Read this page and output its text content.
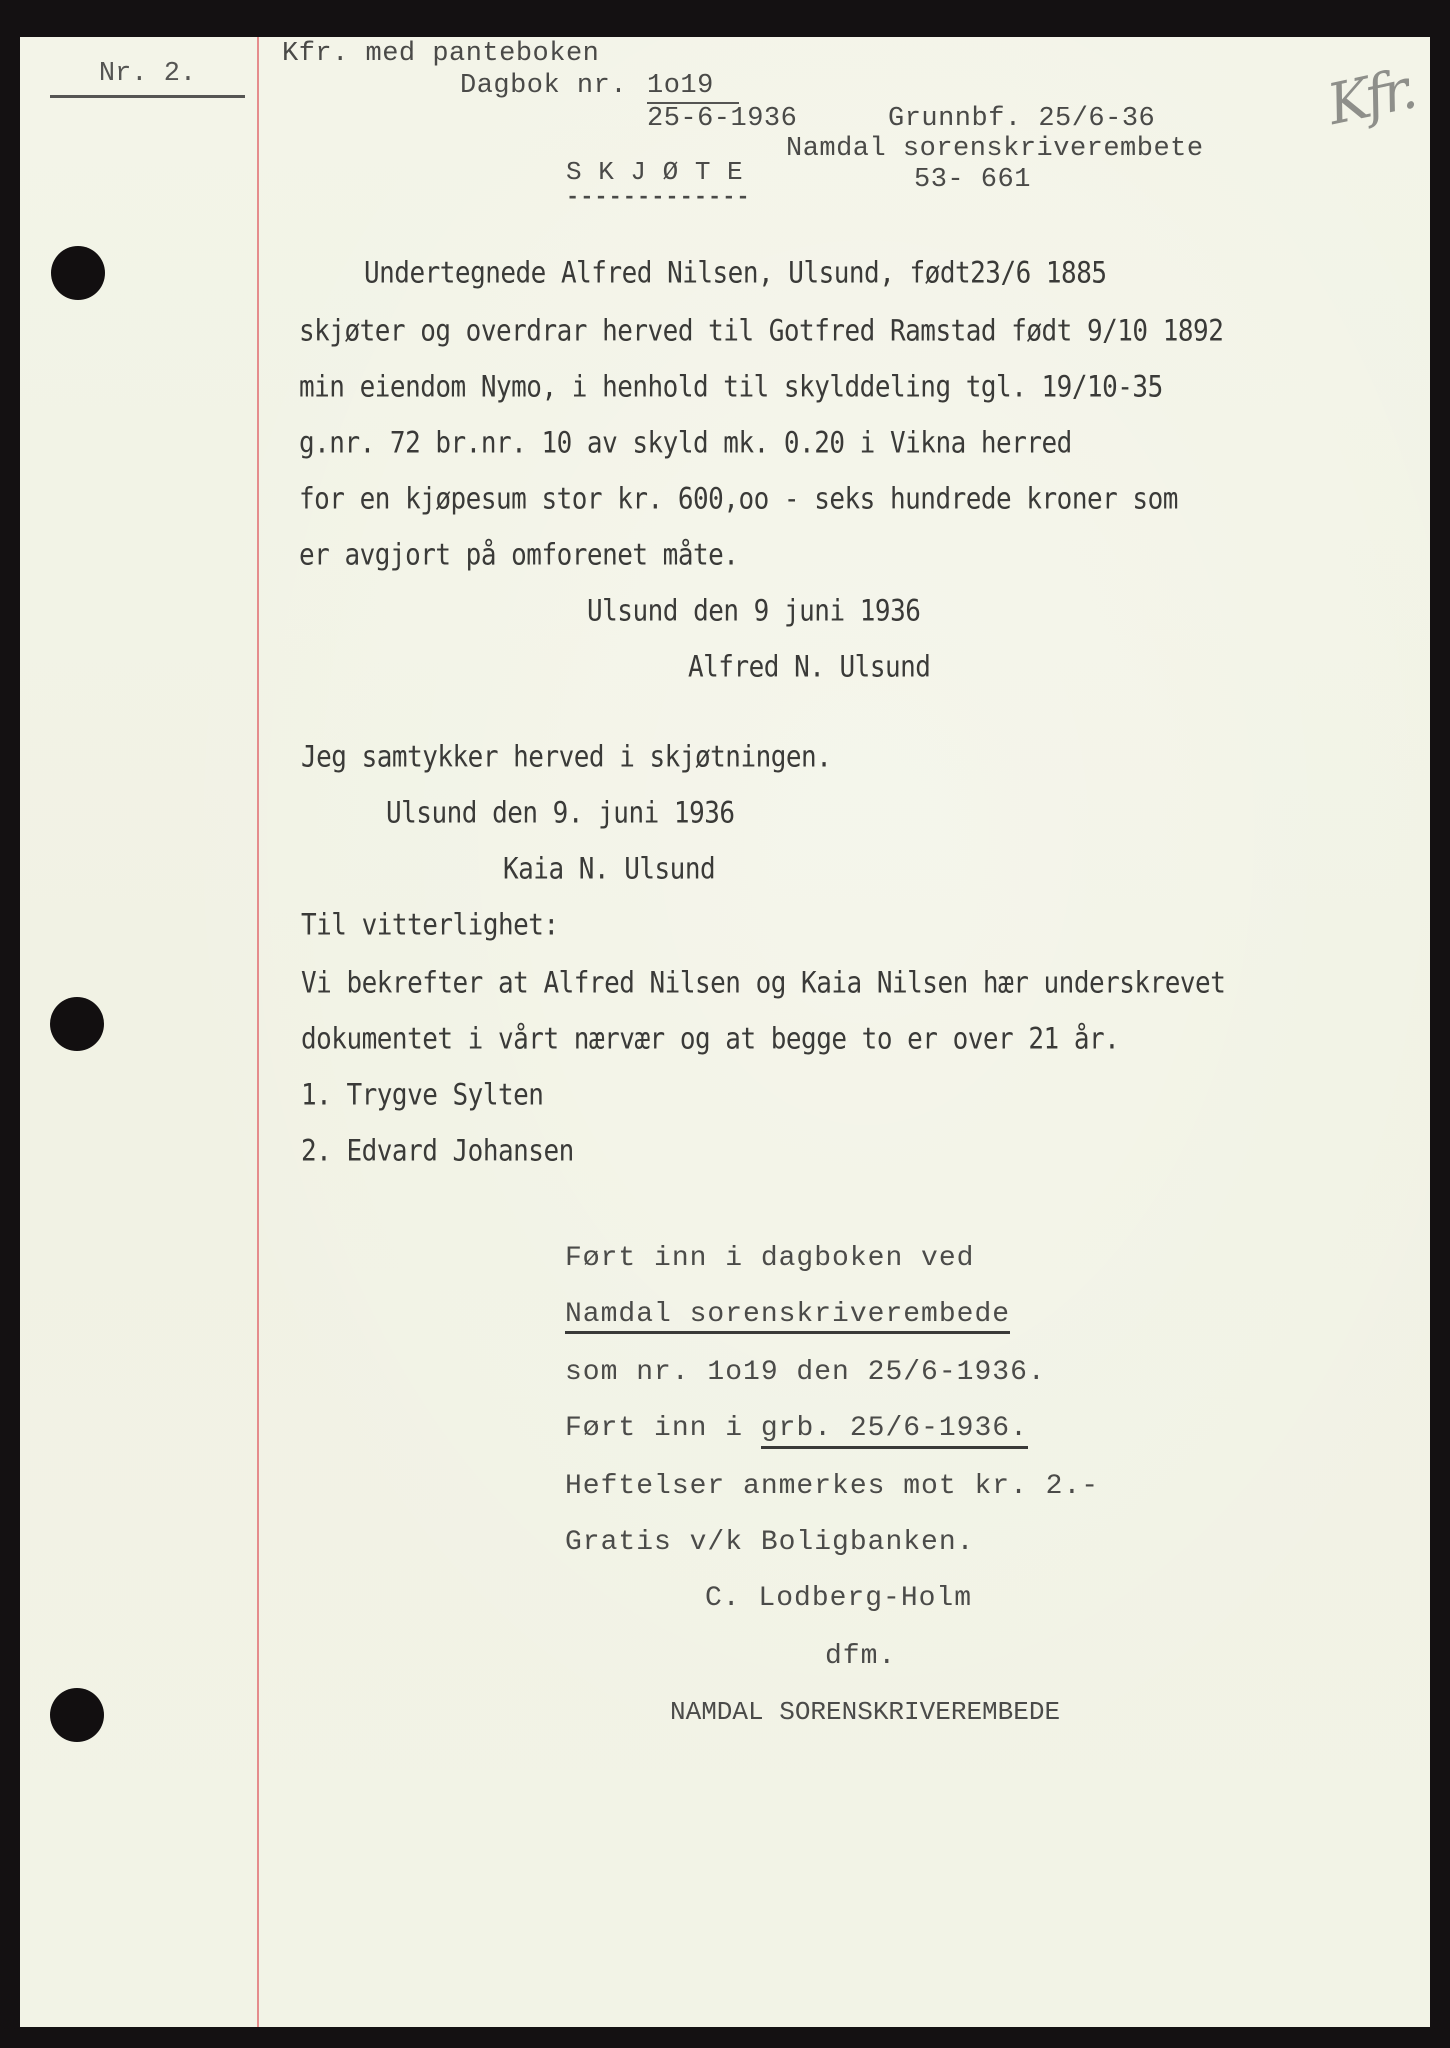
Nr. 2.
Kfr. med panteboken
Dagbok nr. 1o19
25-6-1936	Grunnbf. 25/6-36
Namdal sorenskriverembete
53- 661
Kfr.
S K J Ø T E
-------------
Undertegnede Alfred Nilsen, Ulsund, født23/6 1885
skjøter og overdrar herved til Gotfred Ramstad født 9/10 1892
min eiendom Nymo, i henhold til skylddeling tgl. 19/10-35
g.nr. 72 br.nr. 10 av skyld mk. 0.20 i Vikna herred
for en kjøpesum stor kr. 600,oo - seks hundrede kroner som
er avgjort på omforenet måte.
Ulsund den 9 juni 1936
Alfred N. Ulsund
Jeg samtykker herved i skjøtningen.
Ulsund den 9. juni 1936
Kaia N. Ulsund
Til vitterlighet:
Vi bekrefter at Alfred Nilsen og Kaia Nilsen hær underskrevet
dokumentet i vårt nærvær og at begge to er over 21 år.
1. Trygve Sylten
2. Edvard Johansen
Ført inn i dagboken ved
Namdal sorenskriverembede
som nr. 1o19 den 25/6-1936.
Ført inn i grb. 25/6-1936.
Heftelser anmerkes mot kr. 2.-
Gratis v/k Boligbanken.
C. Lodberg-Holm
dfm.
NAMDAL SORENSKRIVEREMBEDE
